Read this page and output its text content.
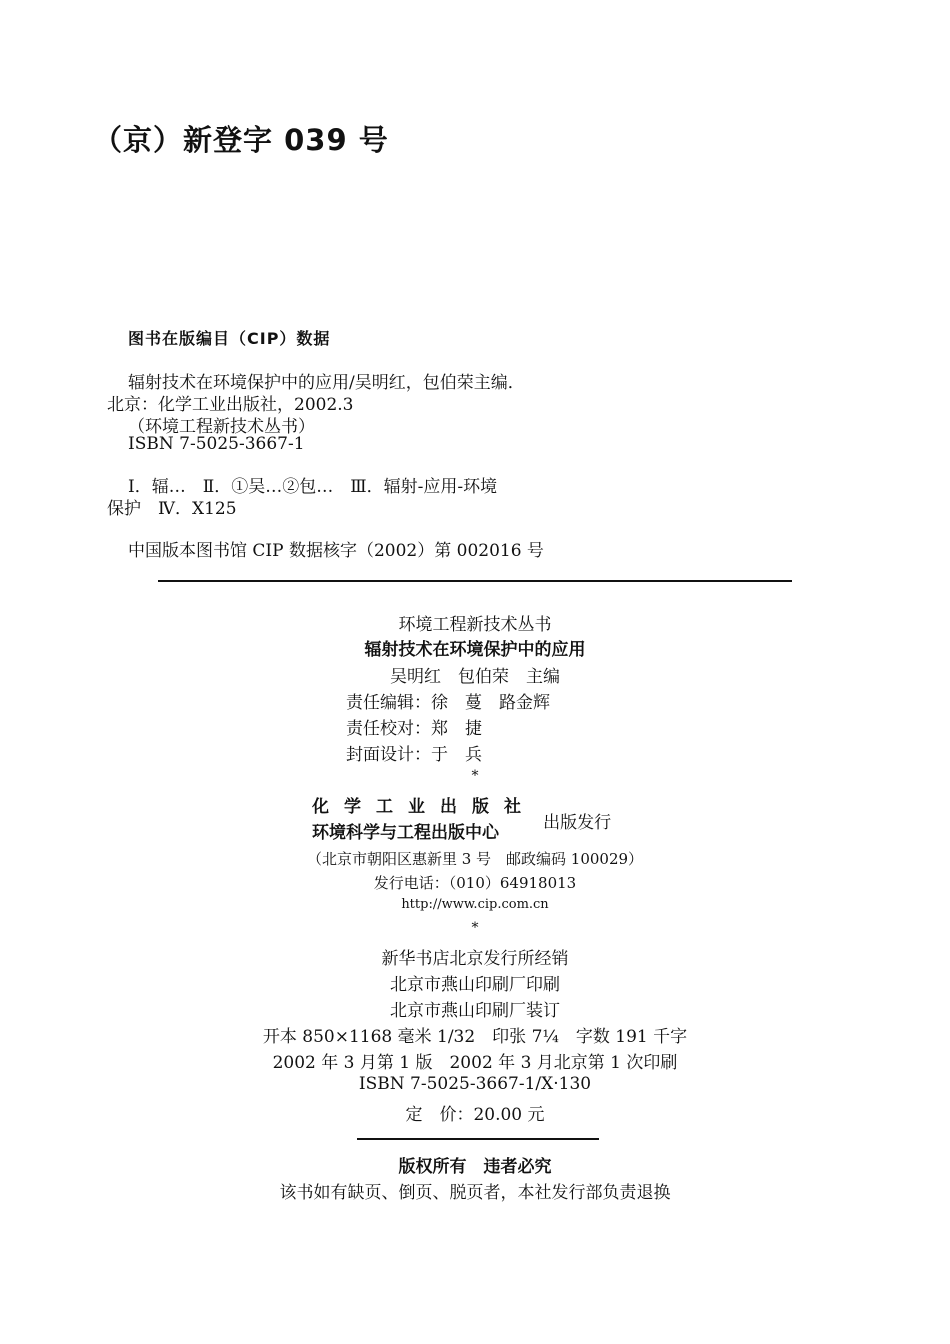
（京）新登字 039 号
图书在版编目（CIP）数据
辐射技术在环境保护中的应用/吴明红，包伯荣主编．
北京：化学工业出版社，2002.3
（环境工程新技术丛书）
ISBN 7-5025-3667-1
Ⅰ．辐…　Ⅱ．①吴…②包…　Ⅲ．辐射-应用-环境
保护　Ⅳ．X125
中国版本图书馆 CIP 数据核字（2002）第 002016 号
环境工程新技术丛书
辐射技术在环境保护中的应用
吴明红　包伯荣　主编
责任编辑：徐　蔓　路金辉
责任校对：郑　捷
封面设计：于　兵
*
化学工业出版社
环境科学与工程出版中心
出版发行
（北京市朝阳区惠新里 3 号　邮政编码 100029）
发行电话：（010）64918013
http://www.cip.com.cn
*
新华书店北京发行所经销
北京市燕山印刷厂印刷
北京市燕山印刷厂装订
开本 850×1168 毫米 1/32　印张 7¼　字数 191 千字
2002 年 3 月第 1 版　2002 年 3 月北京第 1 次印刷
ISBN 7-5025-3667-1/X·130
定　价：20.00 元
版权所有　违者必究
该书如有缺页、倒页、脱页者，本社发行部负责退换
